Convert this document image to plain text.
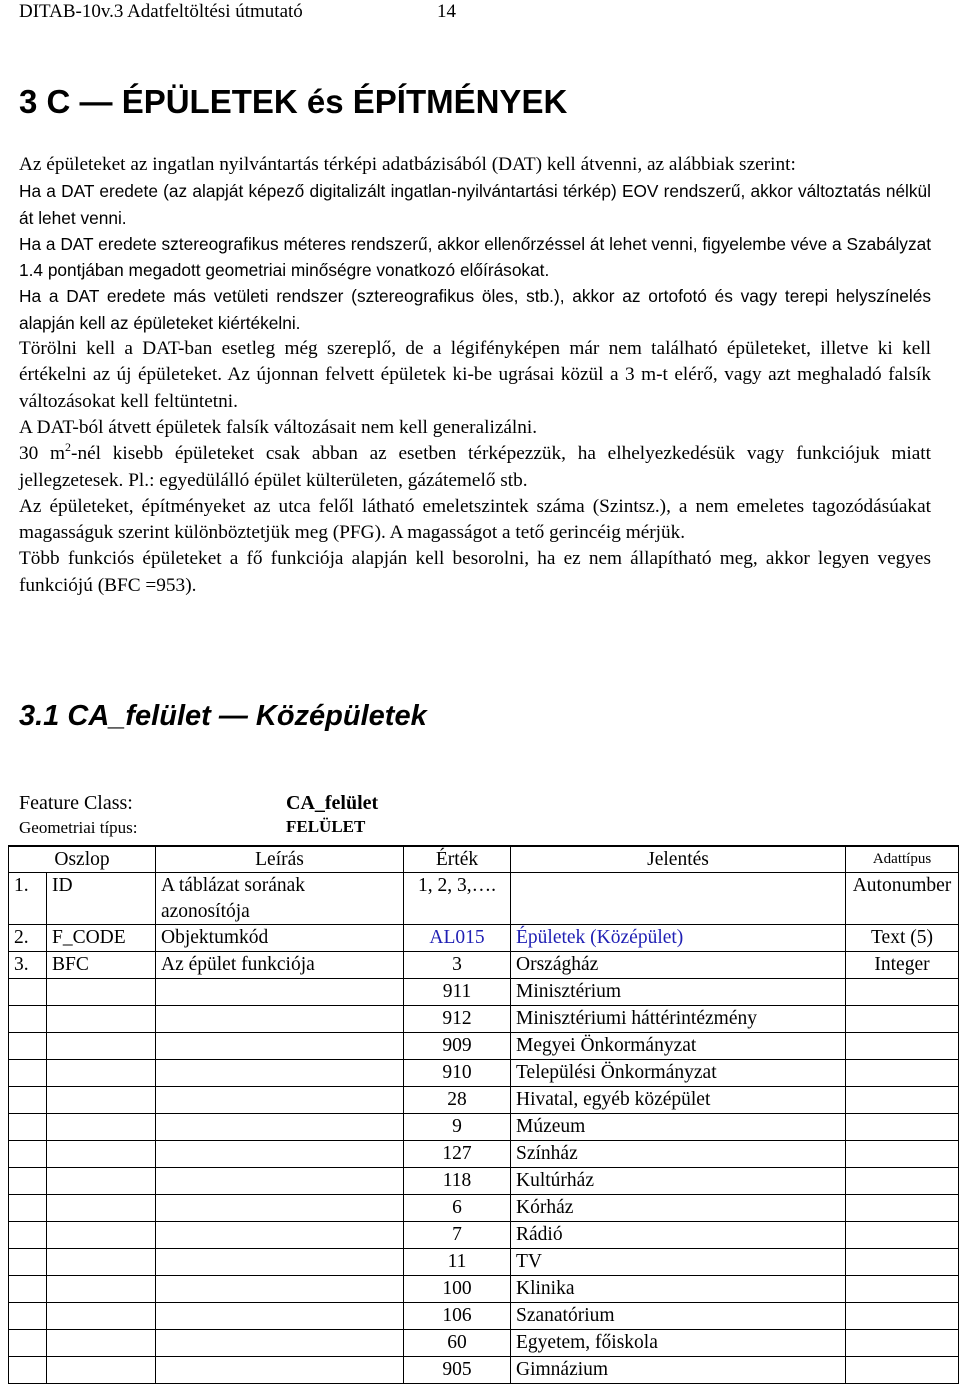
DITAB-10v.3 Adatfeltöltési útmutató	14
3 C — ÉPÜLETEK és ÉPÍTMÉNYEK

Az épületeket az ingatlan nyilvántartás térképi adatbázisából (DAT) kell átvenni, az alábbiak szerint:

Ha a DAT eredete (az alapját képező digitalizált ingatlan-nyilvántartási térkép) EOV rendszerű, akkor változtatás nélkül át lehet venni.

Ha a DAT eredete sztereografikus méteres rendszerű, akkor ellenőrzéssel át lehet venni, figyelembe véve a Szabályzat 1.4 pontjában megadott geometriai minőségre vonatkozó előírásokat.

Ha a DAT eredete más vetületi rendszer (sztereografikus öles, stb.), akkor az ortofotó és vagy terepi helyszínelés alapján kell az épületeket kiértékelni.

Törölni kell a DAT-ban esetleg még szereplő, de a légifényképen már nem található épületeket, illetve ki kell értékelni az új épületeket. Az újonnan felvett épületek ki-be ugrásai közül a 3 m-t elérő, vagy azt meghaladó falsík változásokat kell feltüntetni.

A DAT-ból átvett épületek falsík változásait nem kell generalizálni.

30 $m^2$-nél kisebb épületeket csak abban az esetben térképezzük, ha elhelyezkedésük vagy funkciójuk miatt jellegzetesek. Pl.: egyedülálló épület külterületen, gázátemelő stb.

Az épületeket, építményeket az utca felől látható emeletszintek száma (Szintsz.), a nem emeletes tagozódásúakat magasságuk szerint különböztetjük meg (PFG). A magasságot a tető gerincéig mérjük.

Több funkciós épületeket a fő funkciója alapján kell besorolni, ha ez nem állapítható meg, akkor legyen vegyes funkciójú (BFC =953).

3.1 CA_felület — Középületek
Feature Class:	CA_felület
Geometriai típus:	FELÜLET
Oszlop		Leírás	Érték	Jelentés	Adattípus
1.	ID	A táblázat sorának azonosítója	1, 2, 3,….		Autonumber
2.	F_CODE	Objektumkód	AL015	Épületek (Középület)	Text (5)
3.	BFC	Az épület funkciója	3	Országház	Integer
			911	Minisztérium	
			912	Minisztériumi háttérintézmény	
			909	Megyei Önkormányzat	
			910	Települési Önkormányzat	
			28	Hivatal, egyéb középület	
			9	Múzeum	
			127	Színház	
			118	Kultúrház	
			6	Kórház	
			7	Rádió	
			11	TV	
			100	Klinika	
			106	Szanatórium	
			60	Egyetem, főiskola	
			905	Gimnázium	
